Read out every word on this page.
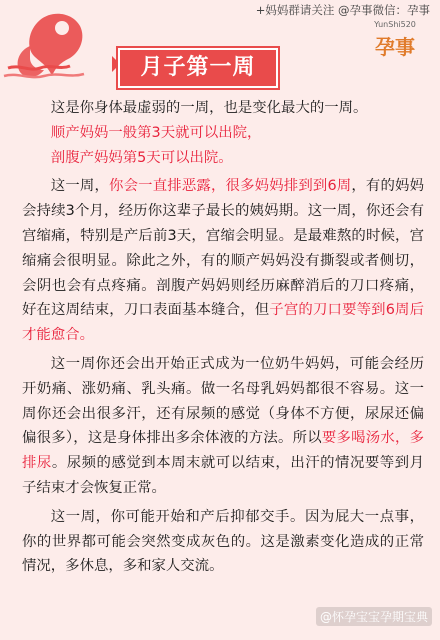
+妈妈群请关注 @孕事微信：孕事
YunShi520
孕事
月子第一周

这是你身体最虚弱的一周，也是变化最大的一周。

顺产妈妈一般第3天就可以出院，

剖腹产妈妈第5天可以出院。

这一周，你会一直排恶露，很多妈妈排到到6周，有的妈妈会持续3个月，经历你这辈子最长的姨妈期。这一周，你还会有宫缩痛，特别是产后前3天，宫缩会明显。是最难熬的时候，宫缩痛会很明显。除此之外，有的顺产妈妈没有撕裂或者侧切，会阴也会有点疼痛。剖腹产妈妈则经历麻醉消后的刀口疼痛，好在这周结束，刀口表面基本缝合，但子宫的刀口要等到6周后才能愈合。

这一周你还会出开始正式成为一位奶牛妈妈，可能会经历开奶痛、涨奶痛、乳头痛。做一名母乳妈妈都很不容易。这一周你还会出很多汗，还有尿频的感觉（身体不方便，尿尿还偏偏很多），这是身体排出多余体液的方法。所以要多喝汤水，多排尿。尿频的感觉到本周末就可以结束，出汗的情况要等到月子结束才会恢复正常。

这一周，你可能开始和产后抑郁交手。因为屁大一点事，你的世界都可能会突然变成灰色的。这是激素变化造成的正常情况，多休息，多和家人交流。

@怀孕宝宝孕期宝典
